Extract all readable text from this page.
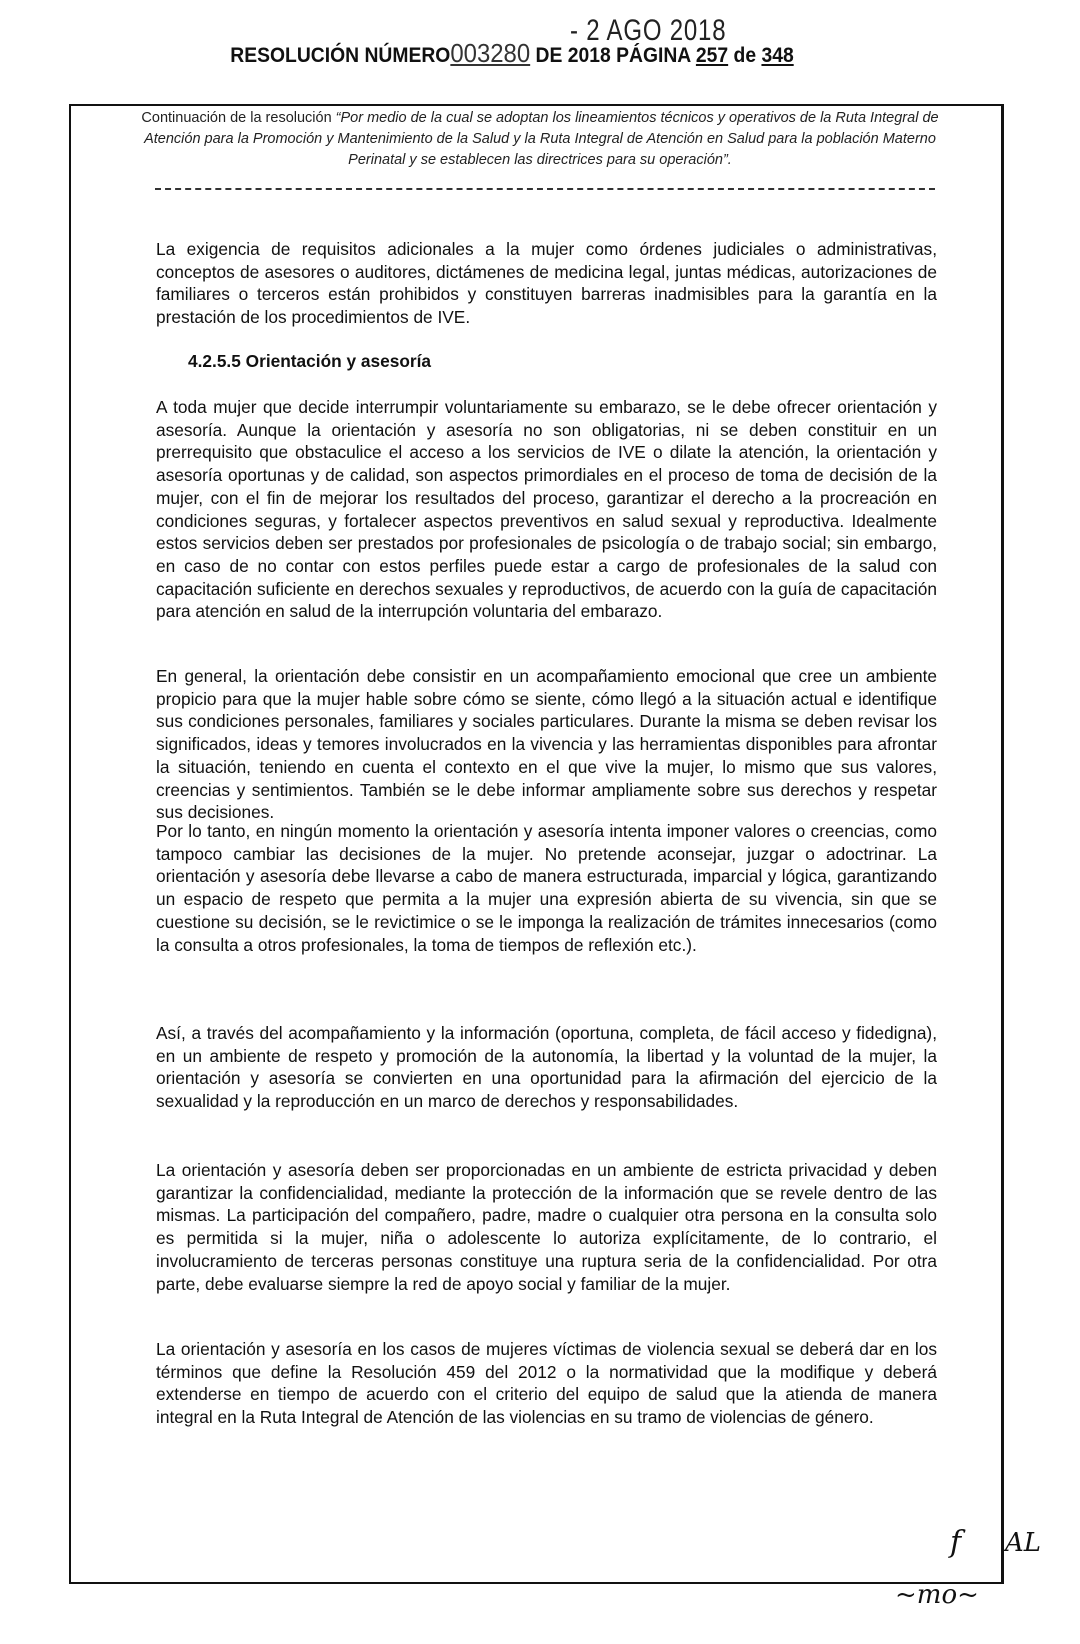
- 2 AGO 2018
RESOLUCIÓN NÚMERO003280 DE 2018 PÁGINA 257 de 348
Continuación de la resolución “Por medio de la cual se adoptan los lineamientos técnicos y operativos de la Ruta Integral de Atención para la Promoción y Mantenimiento de la Salud y la Ruta Integral de Atención en Salud para la población Materno Perinatal y se establecen las directrices para su operación”.
La exigencia de requisitos adicionales a la mujer como órdenes judiciales o administrativas, conceptos de asesores o auditores, dictámenes de medicina legal, juntas médicas, autorizaciones de familiares o terceros están prohibidos y constituyen barreras inadmisibles para la garantía en la prestación de los procedimientos de IVE.
4.2.5.5 Orientación y asesoría
A toda mujer que decide interrumpir voluntariamente su embarazo, se le debe ofrecer orientación y asesoría. Aunque la orientación y asesoría no son obligatorias, ni se deben constituir en un prerrequisito que obstaculice el acceso a los servicios de IVE o dilate la atención, la orientación y asesoría oportunas y de calidad, son aspectos primordiales en el proceso de toma de decisión de la mujer, con el fin de mejorar los resultados del proceso, garantizar el derecho a la procreación en condiciones seguras, y fortalecer aspectos preventivos en salud sexual y reproductiva. Idealmente estos servicios deben ser prestados por profesionales de psicología o de trabajo social; sin embargo, en caso de no contar con estos perfiles puede estar a cargo de profesionales de la salud con capacitación suficiente en derechos sexuales y reproductivos, de acuerdo con la guía de capacitación para atención en salud de la interrupción voluntaria del embarazo.
En general, la orientación debe consistir en un acompañamiento emocional que cree un ambiente propicio para que la mujer hable sobre cómo se siente, cómo llegó a la situación actual e identifique sus condiciones personales, familiares y sociales particulares. Durante la misma se deben revisar los significados, ideas y temores involucrados en la vivencia y las herramientas disponibles para afrontar la situación, teniendo en cuenta el contexto en el que vive la mujer, lo mismo que sus valores, creencias y sentimientos. También se le debe informar ampliamente sobre sus derechos y respetar sus decisiones.
Por lo tanto, en ningún momento la orientación y asesoría intenta imponer valores o creencias, como tampoco cambiar las decisiones de la mujer. No pretende aconsejar, juzgar o adoctrinar. La orientación y asesoría debe llevarse a cabo de manera estructurada, imparcial y lógica, garantizando un espacio de respeto que permita a la mujer una expresión abierta de su vivencia, sin que se cuestione su decisión, se le revictimice o se le imponga la realización de trámites innecesarios (como la consulta a otros profesionales, la toma de tiempos de reflexión etc.).
Así, a través del acompañamiento y la información (oportuna, completa, de fácil acceso y fidedigna), en un ambiente de respeto y promoción de la autonomía, la libertad y la voluntad de la mujer, la orientación y asesoría se convierten en una oportunidad para la afirmación del ejercicio de la sexualidad y la reproducción en un marco de derechos y responsabilidades.
La orientación y asesoría deben ser proporcionadas en un ambiente de estricta privacidad y deben garantizar la confidencialidad, mediante la protección de la información que se revele dentro de las mismas. La participación del compañero, padre, madre o cualquier otra persona en la consulta solo es permitida si la mujer, niña o adolescente lo autoriza explícitamente, de lo contrario, el involucramiento de terceras personas constituye una ruptura seria de la confidencialidad. Por otra parte, debe evaluarse siempre la red de apoyo social y familiar de la mujer.
La orientación y asesoría en los casos de mujeres víctimas de violencia sexual se deberá dar en los términos que define la Resolución 459 del 2012 o la normatividad que la modifique y deberá extenderse en tiempo de acuerdo con el criterio del equipo de salud que la atienda de manera integral en la Ruta Integral de Atención de las violencias en su tramo de violencias de género.
f AL
~mo~
